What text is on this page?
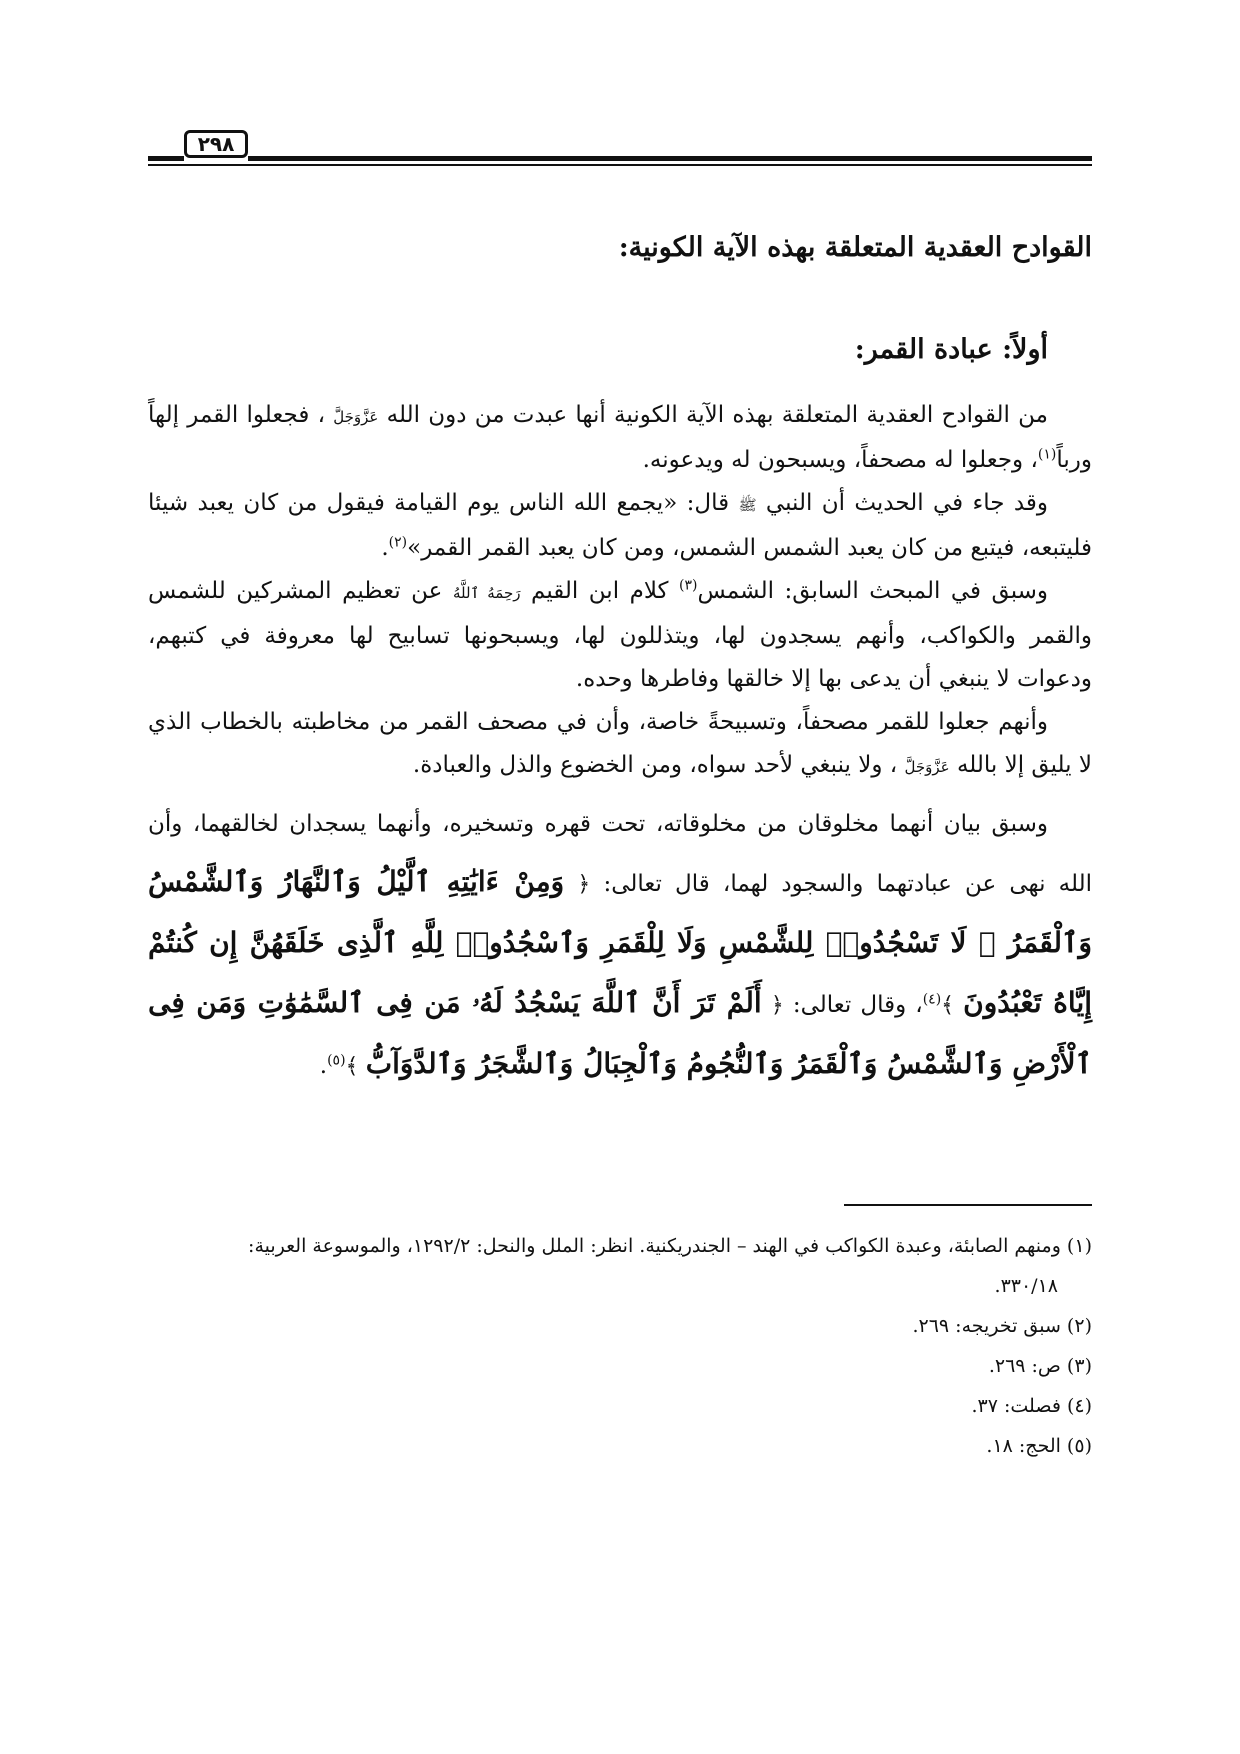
٢٩٨
القوادح العقدية المتعلقة بهذه الآية الكونية:
أولاً: عبادة القمر:

من القوادح العقدية المتعلقة بهذه الآية الكونية أنها عبدت من دون الله عَزَّوَجَلَّ ، فجعلوا القمر إلهاً ورباً$^{(١)}$، وجعلوا له مصحفاً، ويسبحون له ويدعونه.

وقد جاء في الحديث أن النبي ﷺ قال: «يجمع الله الناس يوم القيامة فيقول من كان يعبد شيئا فليتبعه، فيتبع من كان يعبد الشمس الشمس، ومن كان يعبد القمر القمر»$^{(٢)}$.

وسبق في المبحث السابق: الشمس$^{(٣)}$ كلام ابن القيم رَحِمَهُ ٱللَّهُ عن تعظيم المشركين للشمس والقمر والكواكب، وأنهم يسجدون لها، ويتذللون لها، ويسبحونها تسابيح لها معروفة في كتبهم، ودعوات لا ينبغي أن يدعى بها إلا خالقها وفاطرها وحده.

وأنهم جعلوا للقمر مصحفاً، وتسبيحةً خاصة، وأن في مصحف القمر من مخاطبته بالخطاب الذي لا يليق إلا بالله عَزَّوَجَلَّ ، ولا ينبغي لأحد سواه، ومن الخضوع والذل والعبادة.

وسبق بيان أنهما مخلوقان من مخلوقاته، تحت قهره وتسخيره، وأنهما يسجدان لخالقهما، وأن الله نهى عن عبادتهما والسجود لهما، قال تعالى: ﴿ وَمِنْ ءَايَٰتِهِ ٱلَّيْلُ وَٱلنَّهَارُ وَٱلشَّمْسُ وَٱلْقَمَرُ ۚ لَا تَسْجُدُوا۟ لِلشَّمْسِ وَلَا لِلْقَمَرِ وَٱسْجُدُوا۟ لِلَّهِ ٱلَّذِى خَلَقَهُنَّ إِن كُنتُمْ إِيَّاهُ تَعْبُدُونَ ﴾$^{(٤)}$، وقال تعالى: ﴿ أَلَمْ تَرَ أَنَّ ٱللَّهَ يَسْجُدُ لَهُۥ مَن فِى ٱلسَّمَٰوَٰتِ وَمَن فِى ٱلْأَرْضِ وَٱلشَّمْسُ وَٱلْقَمَرُ وَٱلنُّجُومُ وَٱلْجِبَالُ وَٱلشَّجَرُ وَٱلدَّوَآبُّ ﴾$^{(٥)}$.

(١) ومنهم الصابئة، وعبدة الكواكب في الهند – الجندريكنية. انظر: الملل والنحل: ١٢٩٢/٢، والموسوعة العربية:

٣٣٠/١٨.

(٢) سبق تخريجه: ٢٦٩.

(٣) ص: ٢٦٩.

(٤) فصلت: ٣٧.

(٥) الحج: ١٨.
